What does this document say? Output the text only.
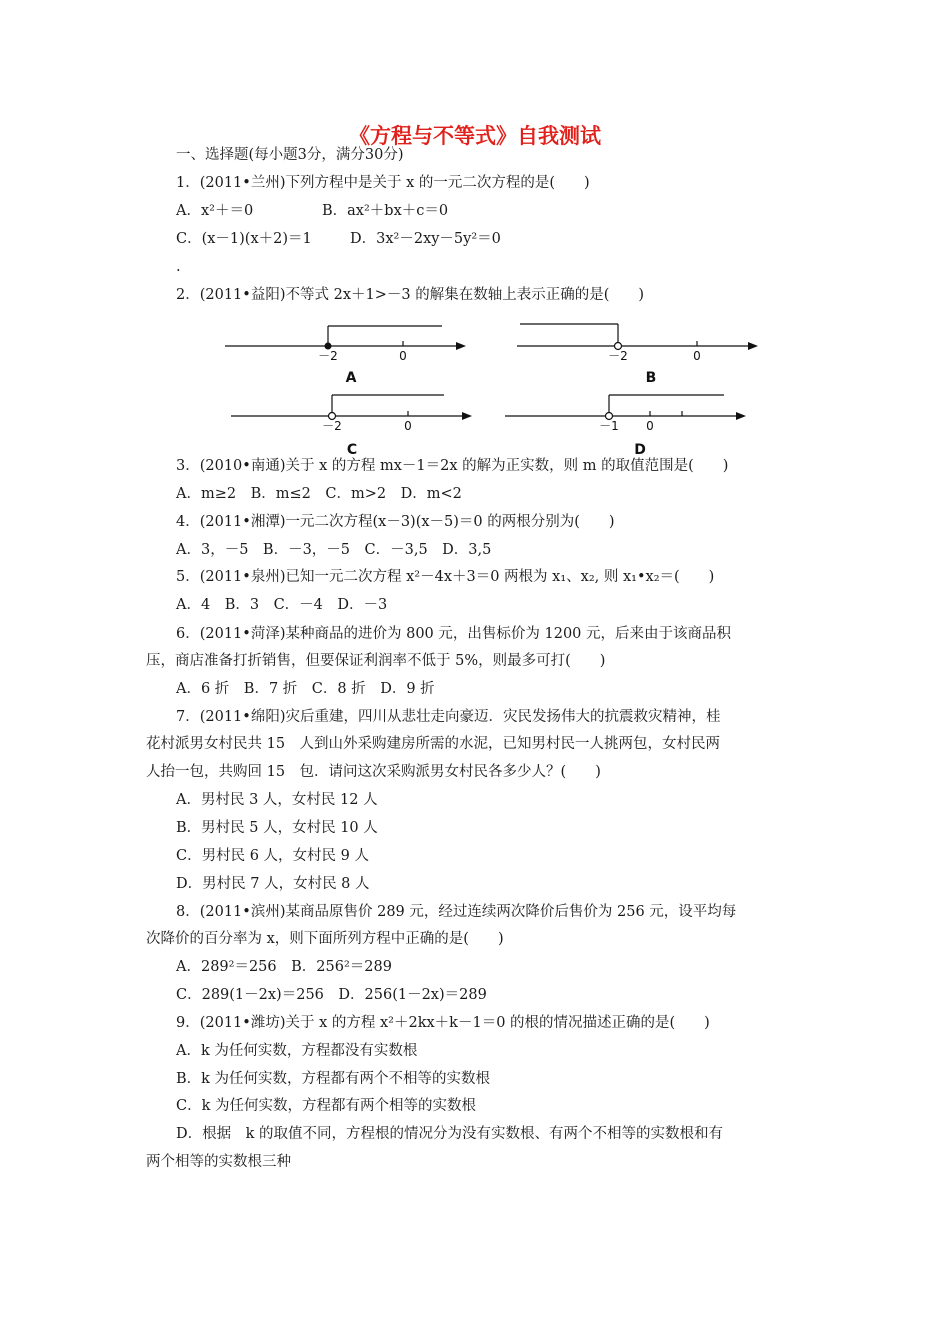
《方程与不等式》自我测试
一、选择题(每小题3分，满分30分)
1．(2011•兰州)下列方程中是关于 x 的一元二次方程的是(　　)
A．x²＋＝0	B．ax²＋bx＋c＝0
C．(x－1)(x＋2)＝1	D．3x²－2xy－5y²＝0
.
2．(2011•益阳)不等式 2x＋1>－3 的解集在数轴上表示正确的是(　　)
－2	0
A
－2	0
B
－2	0
C
－1 0
D
3．(2010•南通)关于 x 的方程 mx－1＝2x 的解为正实数，则 m 的取值范围是(　　)
A．m≥2　B．m≤2　C．m>2　D．m<2
4．(2011•湘潭)一元二次方程(x－3)(x－5)＝0 的两根分别为(　　)
A．3，－5　B．－3，－5　C．－3,5　D．3,5
5．(2011•泉州)已知一元二次方程 x²－4x＋3＝0 两根为 x₁、x₂, 则 x₁•x₂＝(　　)
A．4　B．3　C．－4　D．－3
6．(2011•菏泽)某种商品的进价为 800 元，出售标价为 1200 元，后来由于该商品积
压，商店准备打折销售，但要保证利润率不低于 5%，则最多可打(　　)
A．6 折　B．7 折　C．8 折　D．9 折
7．(2011•绵阳)灾后重建，四川从悲壮走向豪迈．灾民发扬伟大的抗震救灾精神，桂
花村派男女村民共 15　人到山外采购建房所需的水泥，已知男村民一人挑两包，女村民两
人抬一包，共购回 15　包．请问这次采购派男女村民各多少人？(　　)
A．男村民 3 人，女村民 12 人
B．男村民 5 人，女村民 10 人
C．男村民 6 人，女村民 9 人
D．男村民 7 人，女村民 8 人
8．(2011•滨州)某商品原售价 289 元，经过连续两次降价后售价为 256 元，设平均每
次降价的百分率为 x，则下面所列方程中正确的是(　　)
A．289²＝256　B．256²＝289
C．289(1－2x)＝256　D．256(1－2x)＝289
9．(2011•潍坊)关于 x 的方程 x²＋2kx＋k－1＝0 的根的情况描述正确的是(　　)
A．k 为任何实数，方程都没有实数根
B．k 为任何实数，方程都有两个不相等的实数根
C．k 为任何实数，方程都有两个相等的实数根
D．根据　k 的取值不同，方程根的情况分为没有实数根、有两个不相等的实数根和有
两个相等的实数根三种
